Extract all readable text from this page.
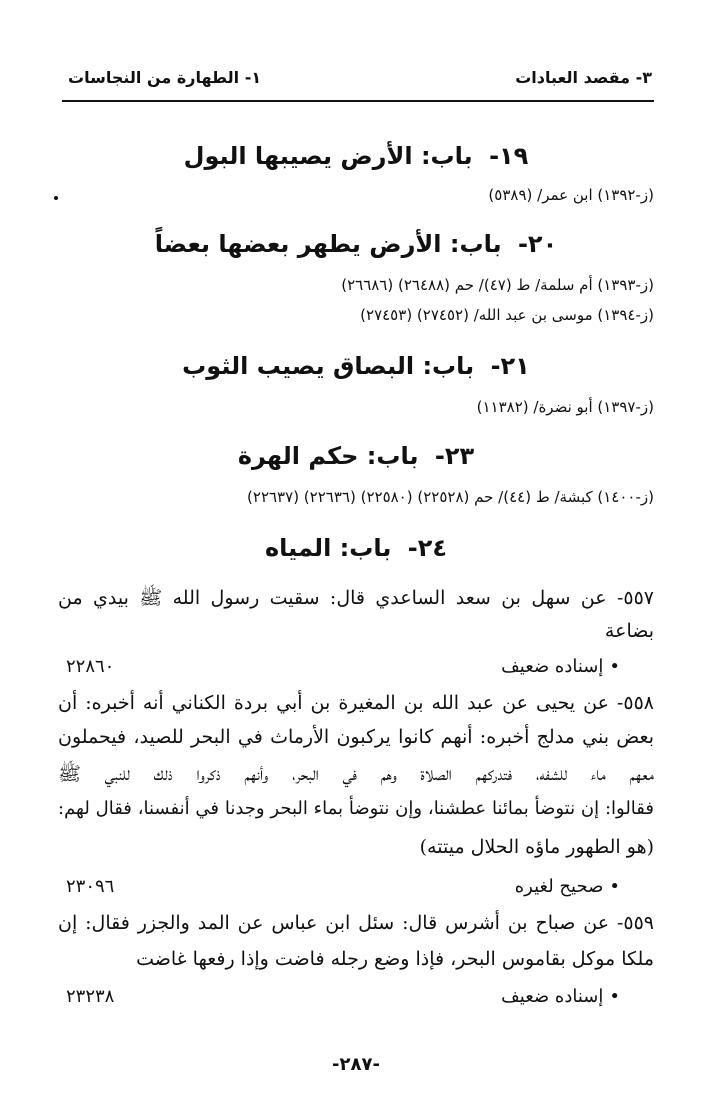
٣- مقصد العبادات
١- الطهارة من النجاسات
١٩- باب: الأرض يصيبها البول
(ز-١٣٩٢) ابن عمر/ (٥٣٨٩)
٢٠- باب: الأرض يطهر بعضها بعضاً
(ز-١٣٩٣) أم سلمة/ ط (٤٧)/ حم (٢٦٤٨٨) (٢٦٦٨٦)
(ز-١٣٩٤) موسى بن عبد الله/ (٢٧٤٥٢) (٢٧٤٥٣)
٢١- باب: البصاق يصيب الثوب
(ز-١٣٩٧) أبو نضرة/ (١١٣٨٢)
٢٣- باب: حكم الهرة
(ز-١٤٠٠) كبشة/ ط (٤٤)/ حم (٢٢٥٢٨) (٢٢٥٨٠) (٢٢٦٣٦) (٢٢٦٣٧)
٢٤- باب: المياه
٥٥٧- عن سهل بن سعد الساعدي قال: سقيت رسول الله ﷺ بيدي من
بضاعة
•إسناده ضعيف
٢٢٨٦٠
٥٥٨- عن يحيى عن عبد الله بن المغيرة بن أبي بردة الكناني أنه أخبره: أن
بعض بني مدلج أخبره: أنهم كانوا يركبون الأرماث في البحر للصيد، فيحملون
معهم ماء للشفه، فتدركهم الصلاة وهم في البحر، وأنهم ذكروا ذلك للنبي ﷺ
فقالوا: إن نتوضأ بمائنا عطشنا، وإن نتوضأ بماء البحر وجدنا في أنفسنا، فقال لهم:
(هو الطهور ماؤه الحلال ميتته)
•صحيح لغيره
٢٣٠٩٦
٥٥٩- عن صباح بن أشرس قال: سئل ابن عباس عن المد والجزر فقال: إن
ملكا موكل بقاموس البحر، فإذا وضع رجله فاضت وإذا رفعها غاضت
•إسناده ضعيف
٢٣٢٣٨
-٢٨٧-
